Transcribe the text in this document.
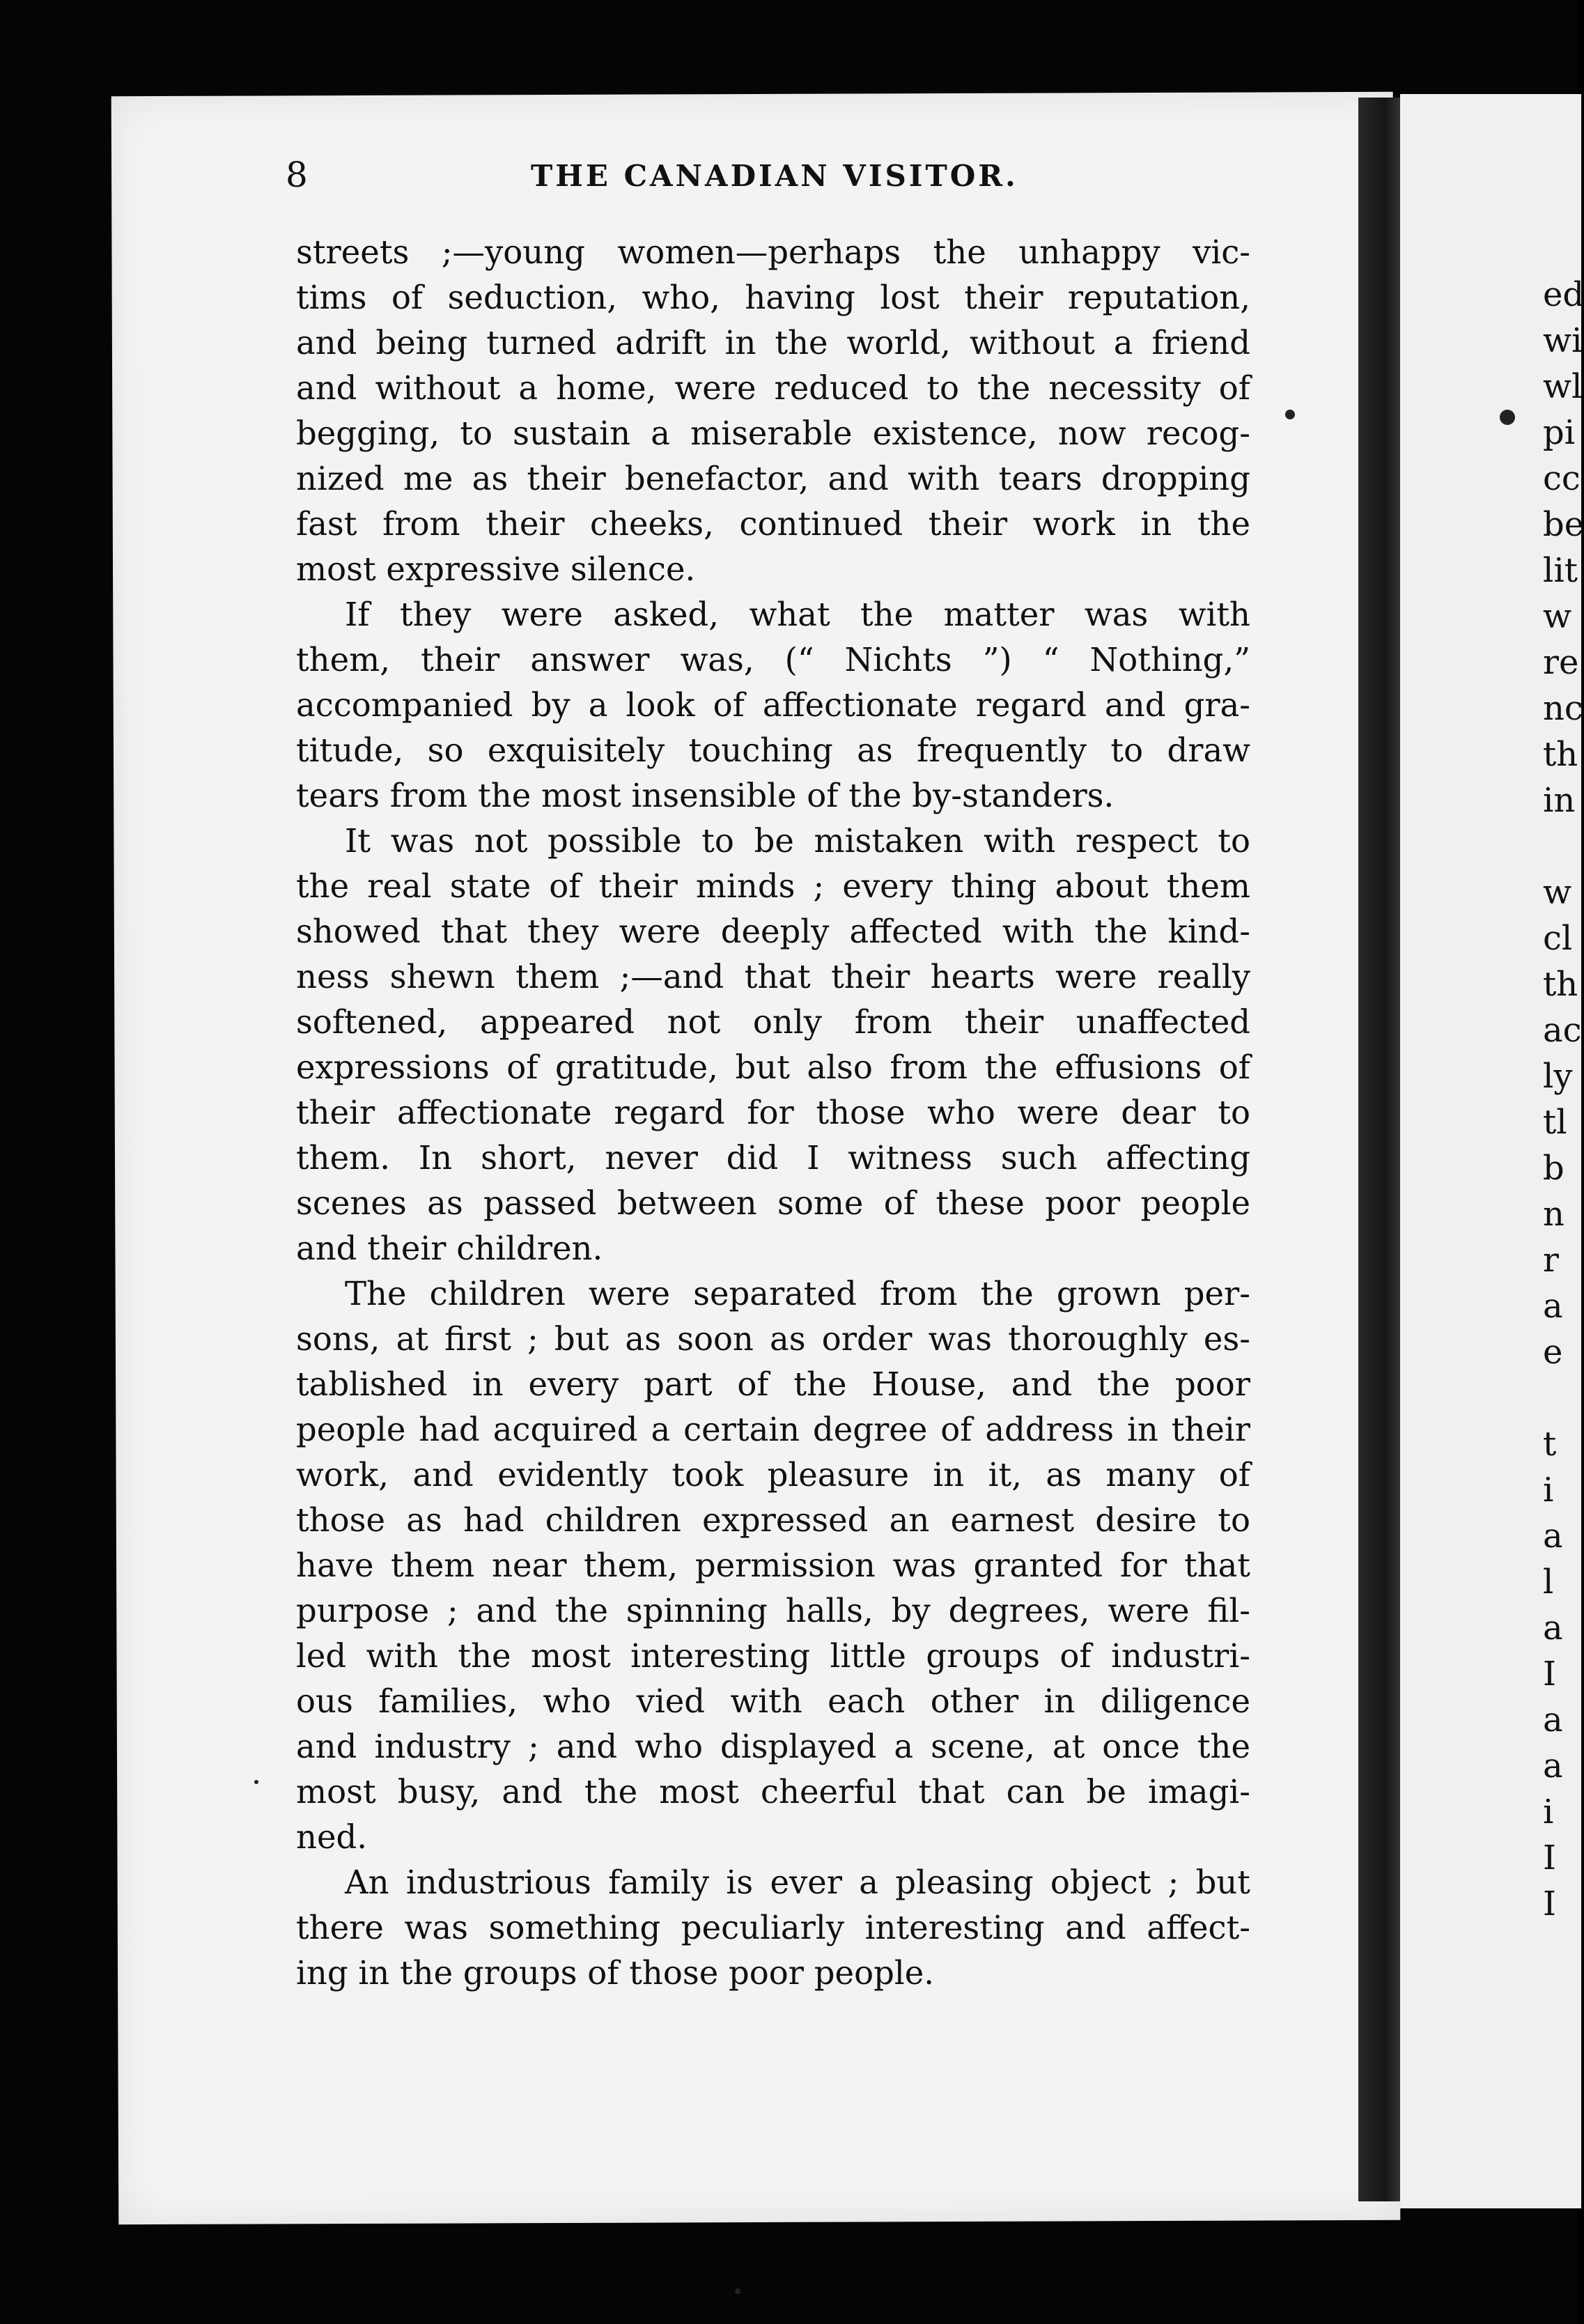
ed
wi
wl
pi
cc
be
lit
w
re
nc
th
in
w
cl
th
ac
ly
tl
b
n
r
a
e
t
i
a
l
a
I
a
a
i
I
I
8	THE CANADIAN VISITOR.
streets ;—young women—perhaps the unhappy vic-
tims of seduction, who, having lost their reputation,
and being turned adrift in the world, without a friend
and without a home, were reduced to the necessity of
begging, to sustain a miserable existence, now recog-
nized me as their benefactor, and with tears dropping
fast from their cheeks, continued their work in the
most expressive silence.
If they were asked, what the matter was with
them, their answer was, (“ Nichts ”) “ Nothing,”
accompanied by a look of affectionate regard and gra-
titude, so exquisitely touching as frequently to draw
tears from the most insensible of the by-standers.
It was not possible to be mistaken with respect to
the real state of their minds ; every thing about them
showed that they were deeply affected with the kind-
ness shewn them ;—and that their hearts were really
softened, appeared not only from their unaffected
expressions of gratitude, but also from the effusions of
their affectionate regard for those who were dear to
them. In short, never did I witness such affecting
scenes as passed between some of these poor people
and their children.
The children were separated from the grown per-
sons, at first ; but as soon as order was thoroughly es-
tablished in every part of the House, and the poor
people had acquired a certain degree of address in their
work, and evidently took pleasure in it, as many of
those as had children expressed an earnest desire to
have them near them, permission was granted for that
purpose ; and the spinning halls, by degrees, were fil-
led with the most interesting little groups of industri-
ous families, who vied with each other in diligence
and industry ; and who displayed a scene, at once the
most busy, and the most cheerful that can be imagi-
ned.
An industrious family is ever a pleasing object ; but
there was something peculiarly interesting and affect-
ing in the groups of those poor people.
